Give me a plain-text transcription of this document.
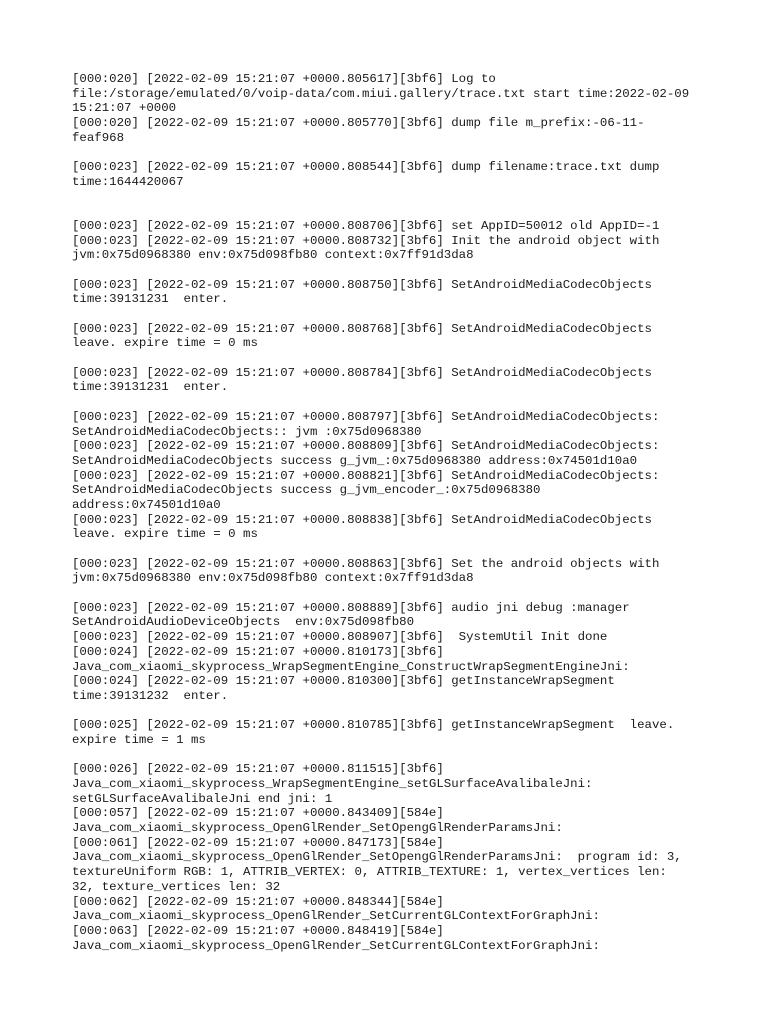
[000:020] [2022-02-09 15:21:07 +0000.805617][3bf6] Log to
file:/storage/emulated/0/voip-data/com.miui.gallery/trace.txt start time:2022-02-09
15:21:07 +0000
[000:020] [2022-02-09 15:21:07 +0000.805770][3bf6] dump file m_prefix:-06-11-
feaf968
[000:023] [2022-02-09 15:21:07 +0000.808544][3bf6] dump filename:trace.txt dump
time:1644420067
[000:023] [2022-02-09 15:21:07 +0000.808706][3bf6] set AppID=50012 old AppID=-1
[000:023] [2022-02-09 15:21:07 +0000.808732][3bf6] Init the android object with
jvm:0x75d0968380 env:0x75d098fb80 context:0x7ff91d3da8
[000:023] [2022-02-09 15:21:07 +0000.808750][3bf6] SetAndroidMediaCodecObjects
time:39131231  enter.
[000:023] [2022-02-09 15:21:07 +0000.808768][3bf6] SetAndroidMediaCodecObjects
leave. expire time = 0 ms
[000:023] [2022-02-09 15:21:07 +0000.808784][3bf6] SetAndroidMediaCodecObjects
time:39131231  enter.
[000:023] [2022-02-09 15:21:07 +0000.808797][3bf6] SetAndroidMediaCodecObjects:
SetAndroidMediaCodecObjects:: jvm :0x75d0968380
[000:023] [2022-02-09 15:21:07 +0000.808809][3bf6] SetAndroidMediaCodecObjects:
SetAndroidMediaCodecObjects success g_jvm_:0x75d0968380 address:0x74501d10a0
[000:023] [2022-02-09 15:21:07 +0000.808821][3bf6] SetAndroidMediaCodecObjects:
SetAndroidMediaCodecObjects success g_jvm_encoder_:0x75d0968380
address:0x74501d10a0
[000:023] [2022-02-09 15:21:07 +0000.808838][3bf6] SetAndroidMediaCodecObjects
leave. expire time = 0 ms
[000:023] [2022-02-09 15:21:07 +0000.808863][3bf6] Set the android objects with
jvm:0x75d0968380 env:0x75d098fb80 context:0x7ff91d3da8
[000:023] [2022-02-09 15:21:07 +0000.808889][3bf6] audio jni debug :manager
SetAndroidAudioDeviceObjects  env:0x75d098fb80
[000:023] [2022-02-09 15:21:07 +0000.808907][3bf6]  SystemUtil Init done
[000:024] [2022-02-09 15:21:07 +0000.810173][3bf6]
Java_com_xiaomi_skyprocess_WrapSegmentEngine_ConstructWrapSegmentEngineJni:
[000:024] [2022-02-09 15:21:07 +0000.810300][3bf6] getInstanceWrapSegment
time:39131232  enter.
[000:025] [2022-02-09 15:21:07 +0000.810785][3bf6] getInstanceWrapSegment  leave.
expire time = 1 ms
[000:026] [2022-02-09 15:21:07 +0000.811515][3bf6]
Java_com_xiaomi_skyprocess_WrapSegmentEngine_setGLSurfaceAvalibaleJni:
setGLSurfaceAvalibaleJni end jni: 1
[000:057] [2022-02-09 15:21:07 +0000.843409][584e]
Java_com_xiaomi_skyprocess_OpenGlRender_SetOpengGlRenderParamsJni:
[000:061] [2022-02-09 15:21:07 +0000.847173][584e]
Java_com_xiaomi_skyprocess_OpenGlRender_SetOpengGlRenderParamsJni:  program id: 3,
textureUniform RGB: 1, ATTRIB_VERTEX: 0, ATTRIB_TEXTURE: 1, vertex_vertices len:
32, texture_vertices len: 32
[000:062] [2022-02-09 15:21:07 +0000.848344][584e]
Java_com_xiaomi_skyprocess_OpenGlRender_SetCurrentGLContextForGraphJni:
[000:063] [2022-02-09 15:21:07 +0000.848419][584e]
Java_com_xiaomi_skyprocess_OpenGlRender_SetCurrentGLContextForGraphJni:
